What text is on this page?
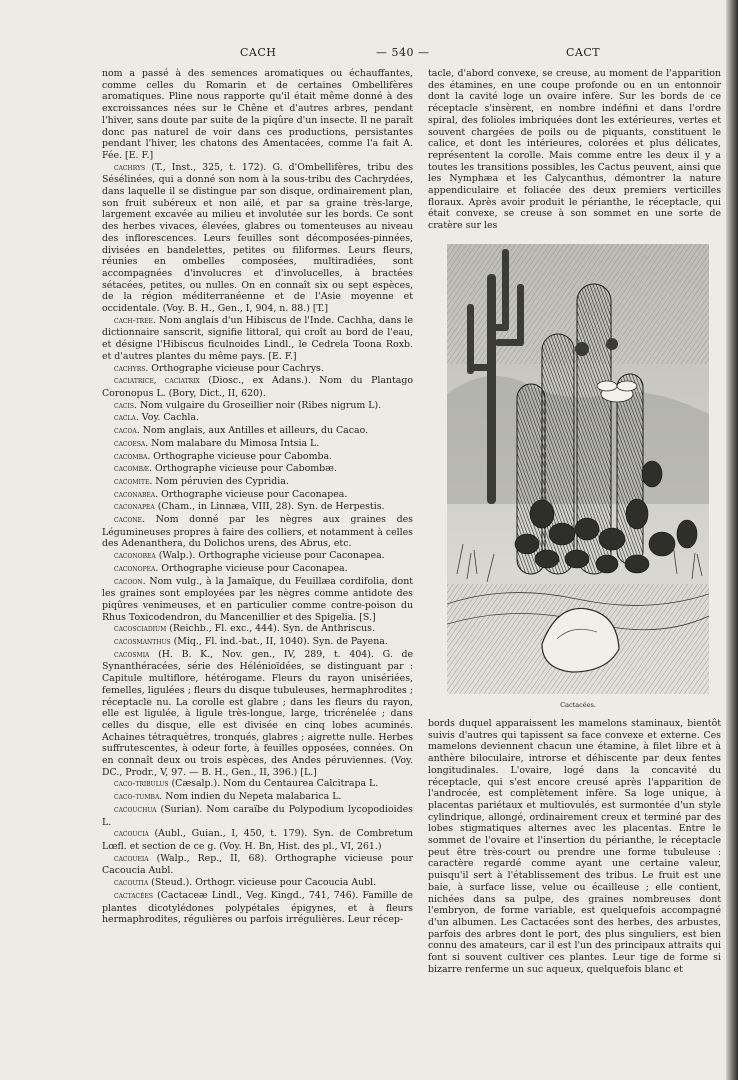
CACH	— 540 —	CACT

nom a passé à des semences aromatiques ou échauffantes, comme celles du Romarin et de certaines Ombellifères aromatiques. Pline nous rapporte qu'il était même donné à des excroissances nées sur le Chêne et d'autres arbres, pendant l'hiver, sans doute par suite de la piqûre d'un insecte. Il ne paraît donc pas naturel de voir dans ces productions, persistantes pendant l'hiver, les chatons des Amentacées, comme l'a fait A. Fée. [E. F.]

cachrys (T., Inst., 325, t. 172). G. d'Ombellifères, tribu des Sésélinées, qui a donné son nom à la sous-tribu des Cachrydées, dans laquelle il se distingue par son disque, ordinairement plan, son fruit subéreux et non ailé, et par sa graine très-large, largement excavée au milieu et involutée sur les bords. Ce sont des herbes vivaces, élevées, glabres ou tomenteuses au niveau des inflorescences. Leurs feuilles sont décomposées-pinnées, divisées en bandelettes, petites ou filiformes. Leurs fleurs, réunies en ombelles composées, multiradiées, sont accompagnées d'involucres et d'involucelles, à bractées sétacées, petites, ou nulles. On en connaît six ou sept espèces, de la région méditerranéenne et de l'Asie moyenne et occidentale. (Voy. B. H., Gen., I, 904, n. 88.) [T.]

cach-tree. Nom anglais d'un Hibiscus de l'Inde. Cachha, dans le dictionnaire sanscrit, signifie littoral, qui croît au bord de l'eau, et désigne l'Hibiscus ficulnoides Lindl., le Cedrela Toona Roxb. et d'autres plantes du même pays. [E. F.]

cachyrs. Orthographe vicieuse pour Cachrys.

caciatrice, caciatrix (Diosc., ex Adans.). Nom du Plantago Coronopus L. (Bory, Dict., II, 620).

cacis. Nom vulgaire du Groseillier noir (Ribes nigrum L).

cacla. Voy. Cachla.

cacoa. Nom anglais, aux Antilles et ailleurs, du Cacao.

cacoesa. Nom malabare du Mimosa Intsia L.

cacomba. Orthographe vicieuse pour Cabomba.

cacombæ. Orthographe vicieuse pour Cabombæ.

cacomite. Nom péruvien des Cypridia.

caconabea. Orthographe vicieuse pour Caconapea.

caconapea (Cham., in Linnæa, VIII, 28). Syn. de Herpestis.

cacone. Nom donné par les nègres aux graines des Légumineuses propres à faire des colliers, et notamment à celles des Adenanthera, du Dolichos urens, des Abrus, etc.

caconobea (Walp.). Orthographe vicieuse pour Caconapea.

caconopea. Orthographe vicieuse pour Caconapea.

cacoon. Nom vulg., à la Jamaïque, du Feuillæa cordifolia, dont les graines sont employées par les nègres comme antidote des piqûres venimeuses, et en particulier comme contre-poison du Rhus Toxicodendron, du Mancenillier et des Spigelia. [S.]

cacosciadium (Reichb., Fl. exc., 444). Syn. de Anthriscus.

cacosmanthus (Miq., Fl. ind.-bat., II, 1040). Syn. de Payena.

cacosmia (H. B. K., Nov. gen., IV, 289, t. 404). G. de Synanthéracées, série des Hélénioïdées, se distinguant par : Capitule multiflore, hétérogame. Fleurs du rayon unisériées, femelles, ligulées ; fleurs du disque tubuleuses, hermaphrodites ; réceptacle nu. La corolle est glabre ; dans les fleurs du rayon, elle est ligulée, à ligule très-longue, large, tricrénelée ; dans celles du disque, elle est divisée en cinq lobes acuminés. Achaines tétraquètres, tronqués, glabres ; aigrette nulle. Herbes suffrutescentes, à odeur forte, à feuilles opposées, connées. On en connaît deux ou trois espèces, des Andes péruviennes. (Voy. DC., Prodr., V, 97. — B. H., Gen., II, 396.) [L.]

caco-tribulus (Cæsalp.). Nom du Centaurea Calcitrapa L.

caco-tumba. Nom indien du Nepeta malabarica L.

cacouchua (Surian). Nom caraïbe du Polypodium lycopodioides L.

cacoucia (Aubl., Guian., I, 450, t. 179). Syn. de Combretum Lœfl. et section de ce g. (Voy. H. Bn, Hist. des pl., VI, 261.)

cacoueia (Walp., Rep., II, 68). Orthographe vicieuse pour Cacoucia Aubl.

cacoutia (Steud.). Orthogr. vicieuse pour Cacoucia Aubl.

cactacées (Cactaceæ Lindl., Veg. Kingd., 741, 746). Famille de plantes dicotylédones polypétales épigynes, et à fleurs hermaphrodites, régulières ou parfois irrégulières. Leur récep-

tacle, d'abord convexe, se creuse, au moment de l'apparition des étamines, en une coupe profonde ou en un entonnoir dont la cavité loge un ovaire infère. Sur les bords de ce réceptacle s'insèrent, en nombre indéfini et dans l'ordre spiral, des folioles imbriquées dont les extérieures, vertes et souvent chargées de poils ou de piquants, constituent le calice, et dont les intérieures, colorées et plus délicates, représentent la corolle. Mais comme entre les deux il y a toutes les transitions possibles, les Cactus peuvent, ainsi que les Nymphæa et les Calycanthus, démontrer la nature appendiculaire et foliacée des deux premiers verticilles floraux. Après avoir produit le périanthe, le réceptacle, qui était convexe, se creuse à son sommet en une sorte de cratère sur les

Cactacées.

bords duquel apparaissent les mamelons staminaux, bientôt suivis d'autres qui tapissent sa face convexe et externe. Ces mamelons deviennent chacun une étamine, à filet libre et à anthère biloculaire, introrse et déhiscente par deux fentes longitudinales. L'ovaire, logé dans la concavité du réceptacle, qui s'est encore creusé après l'apparition de l'androcée, est complètement infère. Sa loge unique, à placentas pariétaux et multiovulés, est surmontée d'un style cylindrique, allongé, ordinairement creux et terminé par des lobes stigmatiques alternes avec les placentas. Entre le sommet de l'ovaire et l'insertion du périanthe, le réceptacle peut être très-court ou prendre une forme tubuleuse : caractère regardé comme ayant une certaine valeur, puisqu'il sert à l'établissement des tribus. Le fruit est une baie, à surface lisse, velue ou écailleuse ; elle contient, nichées dans sa pulpe, des graines nombreuses dont l'embryon, de forme variable, est quelquefois accompagné d'un albumen. Les Cactacées sont des herbes, des arbustes, parfois des arbres dont le port, des plus singuliers, est bien connu des amateurs, car il est l'un des principaux attraits qui font si souvent cultiver ces plantes. Leur tige de forme si bizarre renferme un suc aqueux, quelquefois blanc et
